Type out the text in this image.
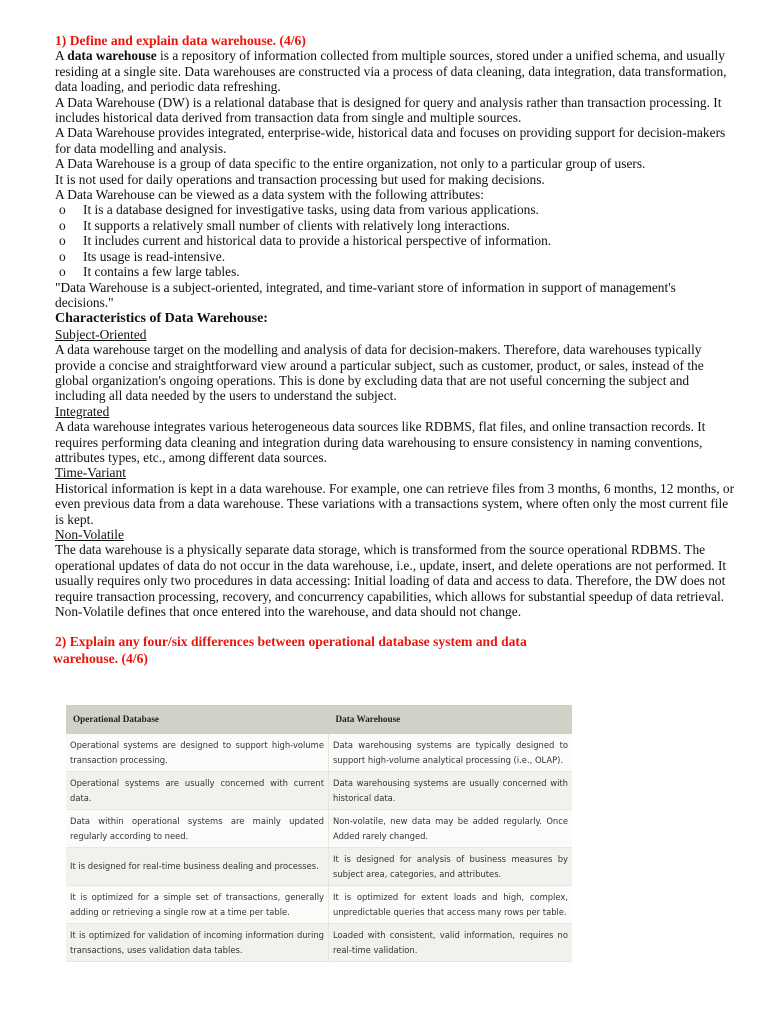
1) Define and explain data warehouse. (4/6)

A data warehouse is a repository of information collected from multiple sources, stored under a unified schema, and usually residing at a single site. Data warehouses are constructed via a process of data cleaning, data integration, data transformation, data loading, and periodic data refreshing.

A Data Warehouse (DW) is a relational database that is designed for query and analysis rather than transaction processing. It includes historical data derived from transaction data from single and multiple sources.

A Data Warehouse provides integrated, enterprise-wide, historical data and focuses on providing support for decision-makers for data modelling and analysis.

A Data Warehouse is a group of data specific to the entire organization, not only to a particular group of users.

It is not used for daily operations and transaction processing but used for making decisions.

A Data Warehouse can be viewed as a data system with the following attributes:

o It is a database designed for investigative tasks, using data from various applications.
o It supports a relatively small number of clients with relatively long interactions.
o It includes current and historical data to provide a historical perspective of information.
o Its usage is read-intensive.
o It contains a few large tables.

"Data Warehouse is a subject-oriented, integrated, and time-variant store of information in support of management's decisions."

Characteristics of Data Warehouse:
Subject-Oriented

A data warehouse target on the modelling and analysis of data for decision-makers. Therefore, data warehouses typically provide a concise and straightforward view around a particular subject, such as customer, product, or sales, instead of the global organization's ongoing operations. This is done by excluding data that are not useful concerning the subject and including all data needed by the users to understand the subject.

Integrated

A data warehouse integrates various heterogeneous data sources like RDBMS, flat files, and online transaction records. It requires performing data cleaning and integration during data warehousing to ensure consistency in naming conventions, attributes types, etc., among different data sources.

Time-Variant

Historical information is kept in a data warehouse. For example, one can retrieve files from 3 months, 6 months, 12 months, or even previous data from a data warehouse. These variations with a transactions system, where often only the most current file is kept.

Non-Volatile

The data warehouse is a physically separate data storage, which is transformed from the source operational RDBMS. The operational updates of data do not occur in the data warehouse, i.e., update, insert, and delete operations are not performed. It usually requires only two procedures in data accessing: Initial loading of data and access to data. Therefore, the DW does not require transaction processing, recovery, and concurrency capabilities, which allows for substantial speedup of data retrieval. Non-Volatile defines that once entered into the warehouse, and data should not change.

2) Explain any four/six differences between operational database system and data
warehouse. (4/6)
Operational Database	Data Warehouse
Operational systems are designed to support high-volume transaction processing.	Data warehousing systems are typically designed to support high-volume analytical processing (i.e., OLAP).
Operational systems are usually concerned with current data.	Data warehousing systems are usually concerned with historical data.
Data within operational systems are mainly updated regularly according to need.	Non-volatile, new data may be added regularly. Once Added rarely changed.
It is designed for real-time business dealing and processes.	It is designed for analysis of business measures by subject area, categories, and attributes.
It is optimized for a simple set of transactions, generally adding or retrieving a single row at a time per table.	It is optimized for extent loads and high, complex, unpredictable queries that access many rows per table.
It is optimized for validation of incoming information during transactions, uses validation data tables.	Loaded with consistent, valid information, requires no real-time validation.
